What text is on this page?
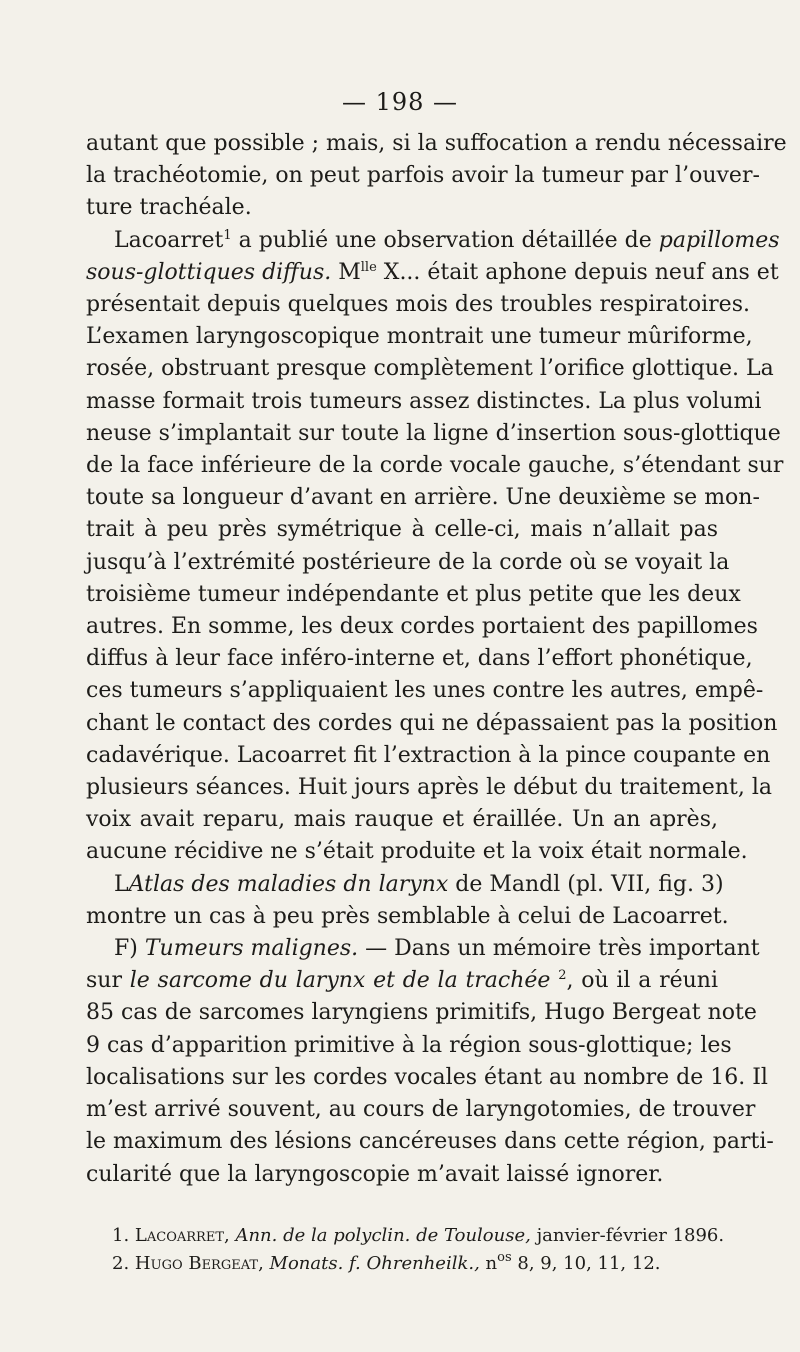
— 198 —
autant que possible ; mais, si la suffocation a rendu nécessaire
la trachéotomie, on peut parfois avoir la tumeur par l’ouver-
ture trachéale.
Lacoarret$^1$ a publié une observation détaillée de papillomes
sous-glottiques diffus. $M^{lle}$ X... était aphone depuis neuf ans et
présentait depuis quelques mois des troubles respiratoires.
L’examen laryngoscopique montrait une tumeur mûriforme,
rosée, obstruant presque complètement l’orifice glottique. La
masse formait trois tumeurs assez distinctes. La plus volumi
neuse s’implantait sur toute la ligne d’insertion sous-glottique
de la face inférieure de la corde vocale gauche, s’étendant sur
toute sa longueur d’avant en arrière. Une deuxième se mon-
trait à peu près symétrique à celle-ci, mais n’allait pas
jusqu’à l’extrémité postérieure de la corde où se voyait la
troisième tumeur indépendante et plus petite que les deux
autres. En somme, les deux cordes portaient des papillomes
diffus à leur face inféro-interne et, dans l’effort phonétique,
ces tumeurs s’appliquaient les unes contre les autres, empê-
chant le contact des cordes qui ne dépassaient pas la position
cadavérique. Lacoarret fit l’extraction à la pince coupante en
plusieurs séances. Huit jours après le début du traitement, la
voix avait reparu, mais rauque et éraillée. Un an après,
aucune récidive ne s’était produite et la voix était normale.
LAtlas des maladies dn larynx de Mandl (pl. VII, fig. 3)
montre un cas à peu près semblable à celui de Lacoarret.
F) Tumeurs malignes. — Dans un mémoire très important
sur le sarcome du larynx et de la trachée $^2$, où il a réuni
85 cas de sarcomes laryngiens primitifs, Hugo Bergeat note
9 cas d’apparition primitive à la région sous-glottique; les
localisations sur les cordes vocales étant au nombre de 16. Il
m’est arrivé souvent, au cours de laryngotomies, de trouver
le maximum des lésions cancéreuses dans cette région, parti-
cularité que la laryngoscopie m’avait laissé ignorer.
1. Lacoarret, Ann. de la polyclin. de Toulouse, janvier-février 1896.
2. Hugo Bergeat, Monats. f. Ohrenheilk., $n^{os}$ 8, 9, 10, 11, 12.
